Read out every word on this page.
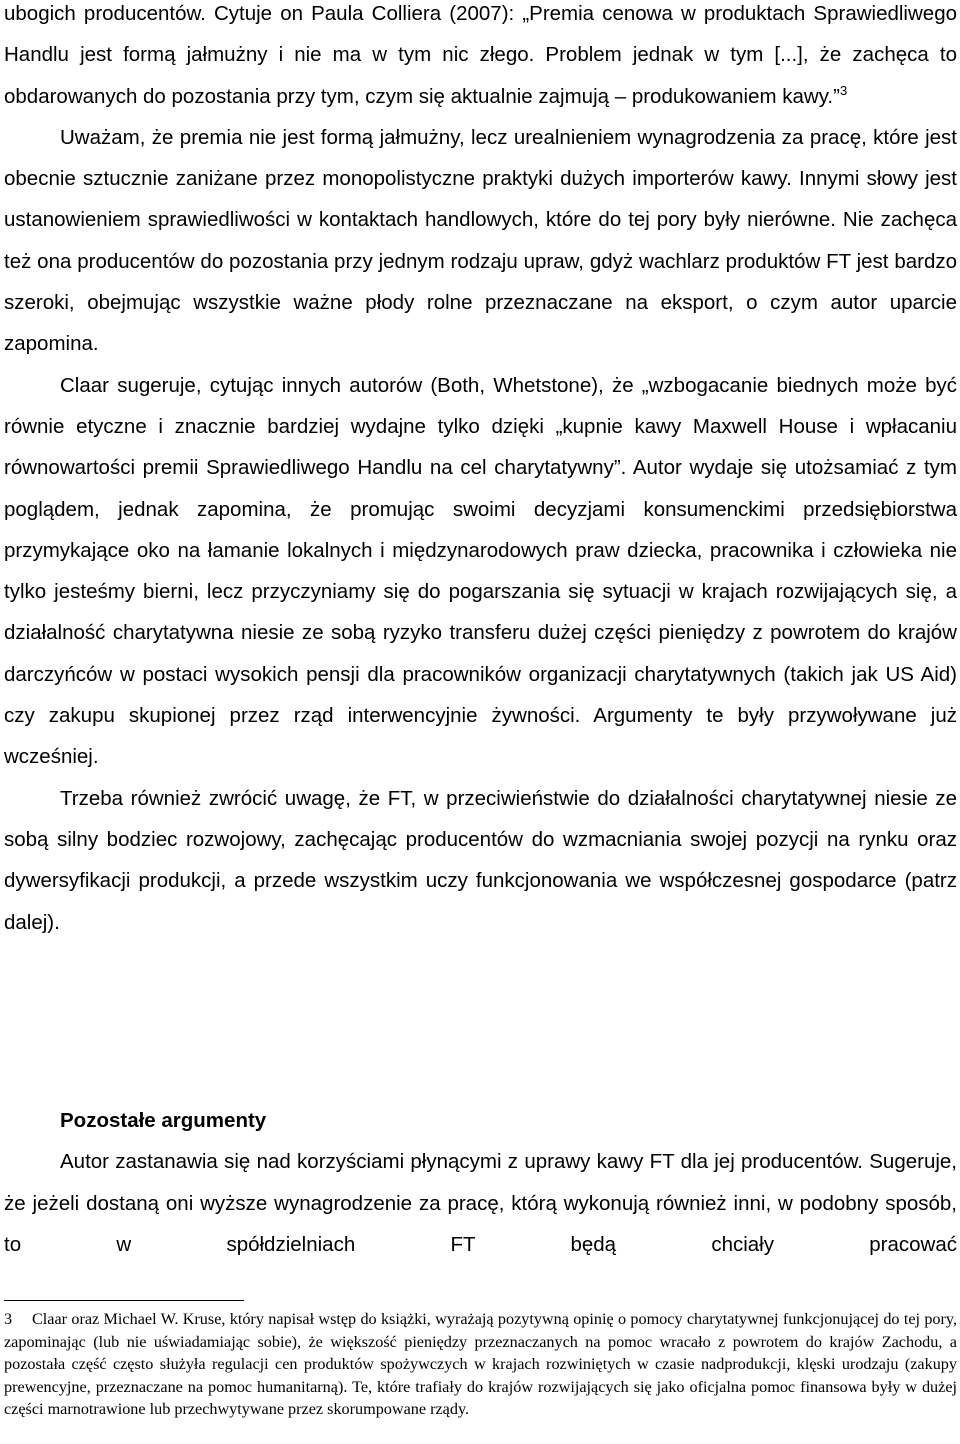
ubogich producentów. Cytuje on Paula Colliera (2007): „Premia cenowa w produktach Sprawiedliwego Handlu jest formą jałmużny i nie ma w tym nic złego. Problem jednak w tym [...], że zachęca to obdarowanych do pozostania przy tym, czym się aktualnie zajmują – produkowaniem kawy.”$^3$

Uważam, że premia nie jest formą jałmużny, lecz urealnieniem wynagrodzenia za pracę, które jest obecnie sztucznie zaniżane przez monopolistyczne praktyki dużych importerów kawy. Innymi słowy jest ustanowieniem sprawiedliwości w kontaktach handlowych, które do tej pory były nierówne. Nie zachęca też ona producentów do pozostania przy jednym rodzaju upraw, gdyż wachlarz produktów FT jest bardzo szeroki, obejmując wszystkie ważne płody rolne przeznaczane na eksport, o czym autor uparcie zapomina.

Claar sugeruje, cytując innych autorów (Both, Whetstone), że „wzbogacanie biednych może być równie etyczne i znacznie bardziej wydajne tylko dzięki „kupnie kawy Maxwell House i wpłacaniu równowartości premii Sprawiedliwego Handlu na cel charytatywny”. Autor wydaje się utożsamiać z tym poglądem, jednak zapomina, że promując swoimi decyzjami konsumenckimi przedsiębiorstwa przymykające oko na łamanie lokalnych i międzynarodowych praw dziecka, pracownika i człowieka nie tylko jesteśmy bierni, lecz przyczyniamy się do pogarszania się sytuacji w krajach rozwijających się, a działalność charytatywna niesie ze sobą ryzyko transferu dużej części pieniędzy z powrotem do krajów darczyńców w postaci wysokich pensji dla pracowników organizacji charytatywnych (takich jak US Aid) czy zakupu skupionej przez rząd interwencyjnie żywności. Argumenty te były przywoływane już wcześniej.

Trzeba również zwrócić uwagę, że FT, w przeciwieństwie do działalności charytatywnej niesie ze sobą silny bodziec rozwojowy, zachęcając producentów do wzmacniania swojej pozycji na rynku oraz dywersyfikacji produkcji, a przede wszystkim uczy funkcjonowania we współczesnej gospodarce (patrz dalej).

Pozostałe argumenty

Autor zastanawia się nad korzyściami płynącymi z uprawy kawy FT dla jej producentów. Sugeruje, że jeżeli dostaną oni wyższe wynagrodzenie za pracę, którą wykonują również inni, w podobny sposób, to w spółdzielniach FT będą chciały pracować

3 Claar oraz Michael W. Kruse, który napisał wstęp do książki, wyrażają pozytywną opinię o pomocy charytatywnej funkcjonującej do tej pory, zapominając (lub nie uświadamiając sobie), że większość pieniędzy przeznaczanych na pomoc wracało z powrotem do krajów Zachodu, a pozostała część często służyła regulacji cen produktów spożywczych w krajach rozwiniętych w czasie nadprodukcji, klęski urodzaju (zakupy prewencyjne, przeznaczane na pomoc humanitarną). Te, które trafiały do krajów rozwijających się jako oficjalna pomoc finansowa były w dużej części marnotrawione lub przechwytywane przez skorumpowane rządy.
